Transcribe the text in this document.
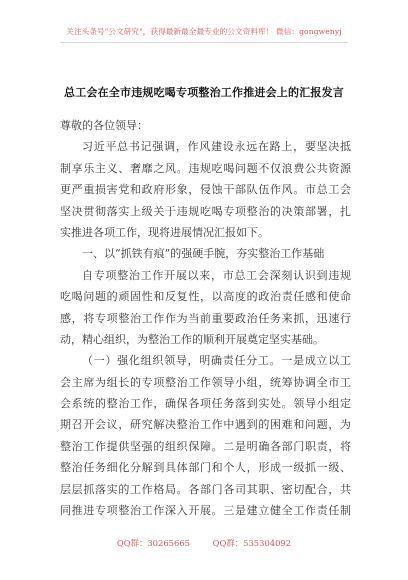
关注头条号"公文研究"，获得最新最全最专业的公文资料库！ 微信：gongwenyj
总工会在全市违规吃喝专项整治工作推进会上的汇报发言
尊敬的各位领导：
习近平总书记强调，作风建设永远在路上，要坚决抵
制享乐主义、奢靡之风。违规吃喝问题不仅浪费公共资源
更严重损害党和政府形象，侵蚀干部队伍作风。市总工会
坚决贯彻落实上级关于违规吃喝专项整治的决策部署，扎
实推进各项工作，现将进展情况汇报如下。
一、以“抓铁有痕”的强硬手腕，夯实整治工作基础
自专项整治工作开展以来，市总工会深刻认识到违规
吃喝问题的顽固性和反复性，以高度的政治责任感和使命
感，将专项整治工作作为当前重要政治任务来抓，迅速行
动，精心组织，为整治工作的顺利开展奠定坚实基础。
（一）强化组织领导，明确责任分工。一是成立以工
会主席为组长的专项整治工作领导小组，统筹协调全市工
会系统的整治工作，确保各项任务落到实处。领导小组定
期召开会议，研究解决整治工作中遇到的困难和问题，为
整治工作提供坚强的组织保障。二是明确各部门职责，将
整治任务细化分解到具体部门和个人，形成一级抓一级、
层层抓落实的工作格局。各部门各司其职、密切配合，共
同推进专项整治工作深入开展。三是建立健全工作责任制
QQ群：30265665	QQ群：535304092
